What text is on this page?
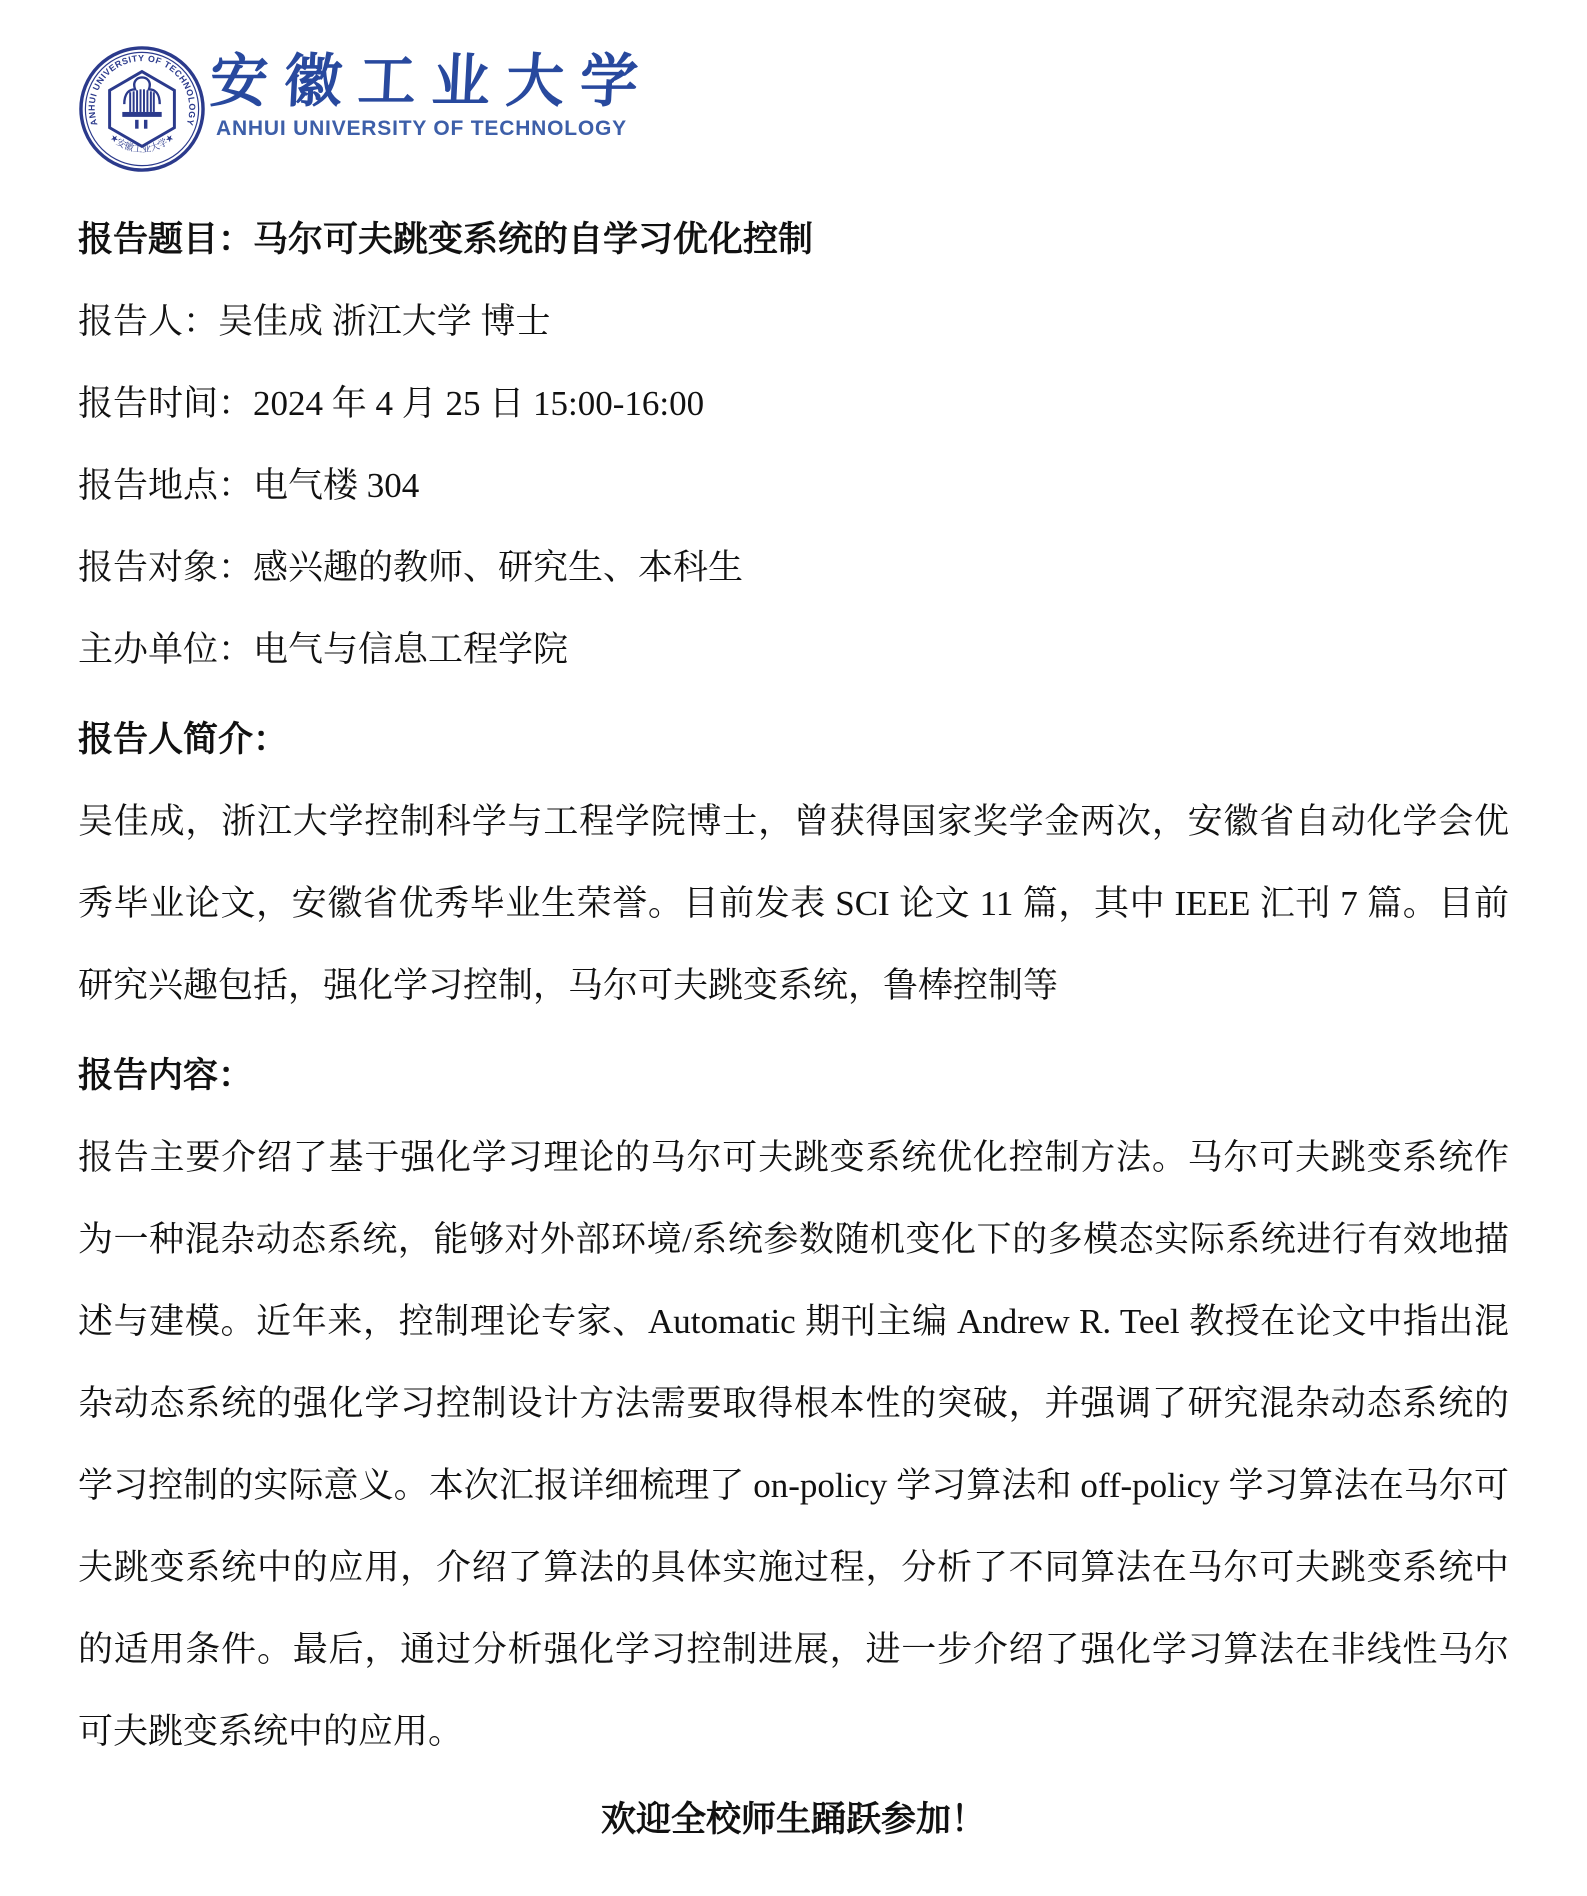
ANHUI UNIVERSITY OF TECHNOLOGY
★安徽工业大学★
安徽工业大学
ANHUI UNIVERSITY OF TECHNOLOGY
报告题目：马尔可夫跳变系统的自学习优化控制
报告人：吴佳成 浙江大学 博士
报告时间：2024 年 4 月 25 日 15:00-16:00
报告地点：电气楼 304
报告对象：感兴趣的教师、研究生、本科生
主办单位：电气与信息工程学院
报告人简介：
吴佳成，浙江大学控制科学与工程学院博士，曾获得国家奖学金两次，安徽省自动化学会优秀毕业论文，安徽省优秀毕业生荣誉。目前发表 SCI 论文 11 篇，其中 IEEE 汇刊 7 篇。目前研究兴趣包括，强化学习控制，马尔可夫跳变系统，鲁棒控制等
报告内容：
报告主要介绍了基于强化学习理论的马尔可夫跳变系统优化控制方法。马尔可夫跳变系统作为一种混杂动态系统，能够对外部环境/系统参数随机变化下的多模态实际系统进行有效地描述与建模。近年来，控制理论专家、Automatic 期刊主编 Andrew R. Teel 教授在论文中指出混杂动态系统的强化学习控制设计方法需要取得根本性的突破，并强调了研究混杂动态系统的学习控制的实际意义。本次汇报详细梳理了 on-policy 学习算法和 off-policy 学习算法在马尔可夫跳变系统中的应用，介绍了算法的具体实施过程，分析了不同算法在马尔可夫跳变系统中的适用条件。最后，通过分析强化学习控制进展，进一步介绍了强化学习算法在非线性马尔可夫跳变系统中的应用。
欢迎全校师生踊跃参加！
